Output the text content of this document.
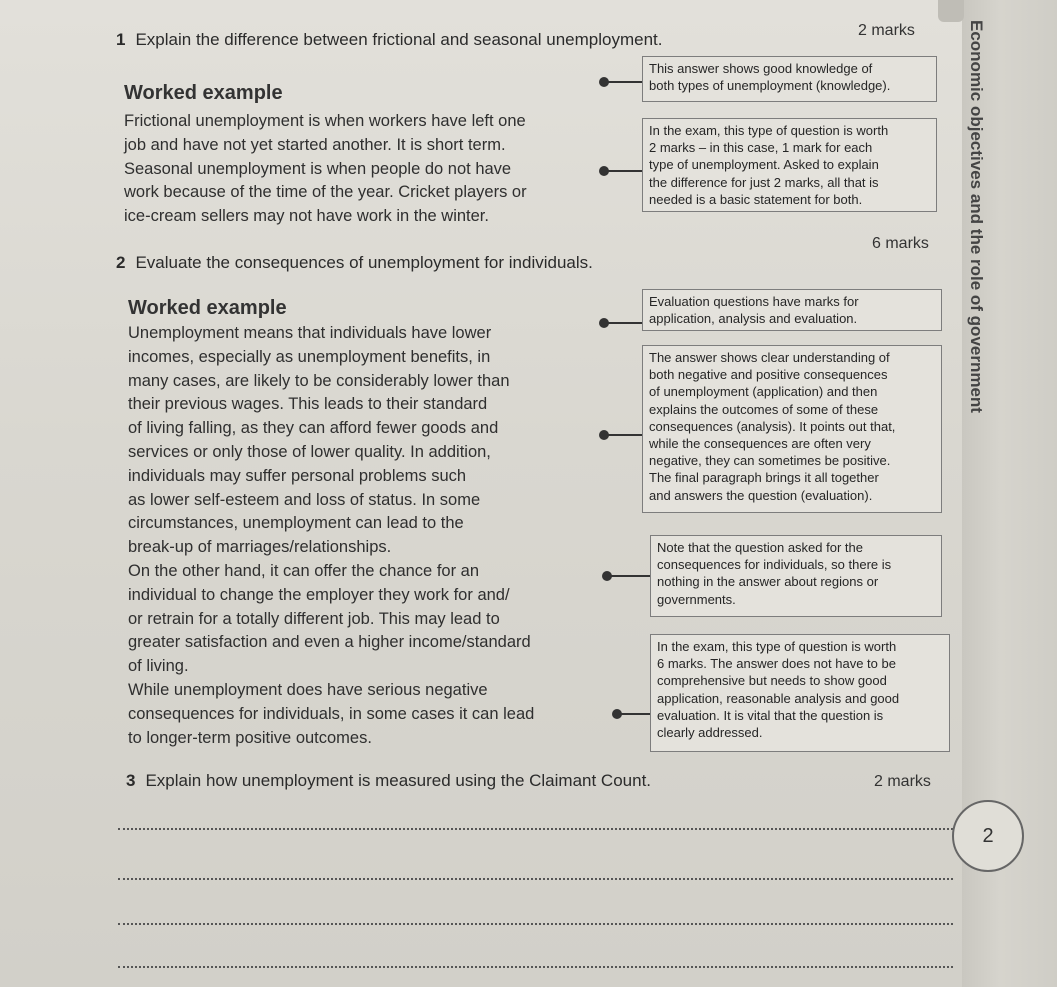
Economic objectives and the role of government
1 Explain the difference between frictional and seasonal unemployment.	2 marks
Worked example

Frictional unemployment is when workers have left one

job and have not yet started another. It is short term.

Seasonal unemployment is when people do not have

work because of the time of the year. Cricket players or

ice-cream sellers may not have work in the winter.

This answer shows good knowledge of

both types of unemployment (knowledge).

In the exam, this type of question is worth

2 marks – in this case, 1 mark for each

type of unemployment. Asked to explain

the difference for just 2 marks, all that is

needed is a basic statement for both.

2 Evaluate the consequences of unemployment for individuals.
6 marks
Worked example

Unemployment means that individuals have lower

incomes, especially as unemployment benefits, in

many cases, are likely to be considerably lower than

their previous wages. This leads to their standard

of living falling, as they can afford fewer goods and

services or only those of lower quality. In addition,

individuals may suffer personal problems such

as lower self-esteem and loss of status. In some

circumstances, unemployment can lead to the

break-up of marriages/relationships.

On the other hand, it can offer the chance for an

individual to change the employer they work for and/

or retrain for a totally different job. This may lead to

greater satisfaction and even a higher income/standard

of living.

While unemployment does have serious negative

consequences for individuals, in some cases it can lead

to longer-term positive outcomes.

Evaluation questions have marks for

application, analysis and evaluation.

The answer shows clear understanding of

both negative and positive consequences

of unemployment (application) and then

explains the outcomes of some of these

consequences (analysis). It points out that,

while the consequences are often very

negative, they can sometimes be positive.

The final paragraph brings it all together

and answers the question (evaluation).

Note that the question asked for the

consequences for individuals, so there is

nothing in the answer about regions or

governments.

In the exam, this type of question is worth

6 marks. The answer does not have to be

comprehensive but needs to show good

application, reasonable analysis and good

evaluation. It is vital that the question is

clearly addressed.

3 Explain how unemployment is measured using the Claimant Count.	2 marks
2
